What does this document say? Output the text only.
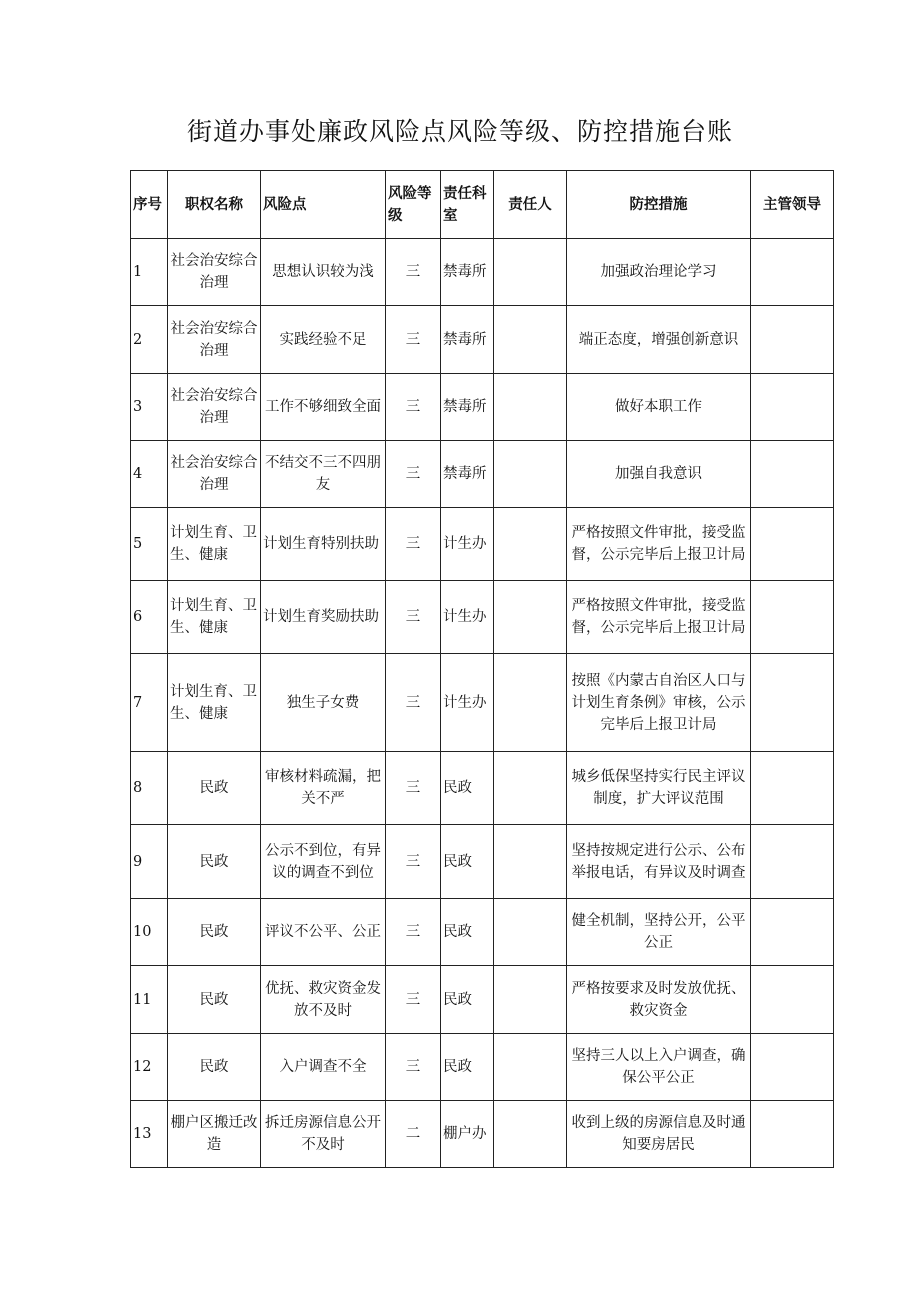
街道办事处廉政风险点风险等级、防控措施台账
序号	职权名称	风险点	风险等级	责任科室	责任人	防控措施	主管领导
1	社会治安综合治理	思想认识较为浅	三	禁毒所		加强政治理论学习	
2	社会治安综合治理	实践经验不足	三	禁毒所		端正态度，增强创新意识	
3	社会治安综合治理	工作不够细致全面	三	禁毒所		做好本职工作	
4	社会治安综合治理	不结交不三不四朋友	三	禁毒所		加强自我意识	
5	计划生育、卫生、健康	计划生育特别扶助	三	计生办		严格按照文件审批，接受监督，公示完毕后上报卫计局	
6	计划生育、卫生、健康	计划生育奖励扶助	三	计生办		严格按照文件审批，接受监督，公示完毕后上报卫计局	
7	计划生育、卫生、健康	独生子女费	三	计生办		按照《内蒙古自治区人口与计划生育条例》审核，公示完毕后上报卫计局	
8	民政	审核材料疏漏，把关不严	三	民政		城乡低保坚持实行民主评议制度，扩大评议范围	
9	民政	公示不到位，有异议的调查不到位	三	民政		坚持按规定进行公示、公布举报电话，有异议及时调查	
10	民政	评议不公平、公正	三	民政		健全机制，坚持公开，公平公正	
11	民政	优抚、救灾资金发放不及时	三	民政		严格按要求及时发放优抚、救灾资金	
12	民政	入户调查不全	三	民政		坚持三人以上入户调查，确保公平公正	
13	棚户区搬迁改造	拆迁房源信息公开不及时	二	棚户办		收到上级的房源信息及时通知要房居民	
